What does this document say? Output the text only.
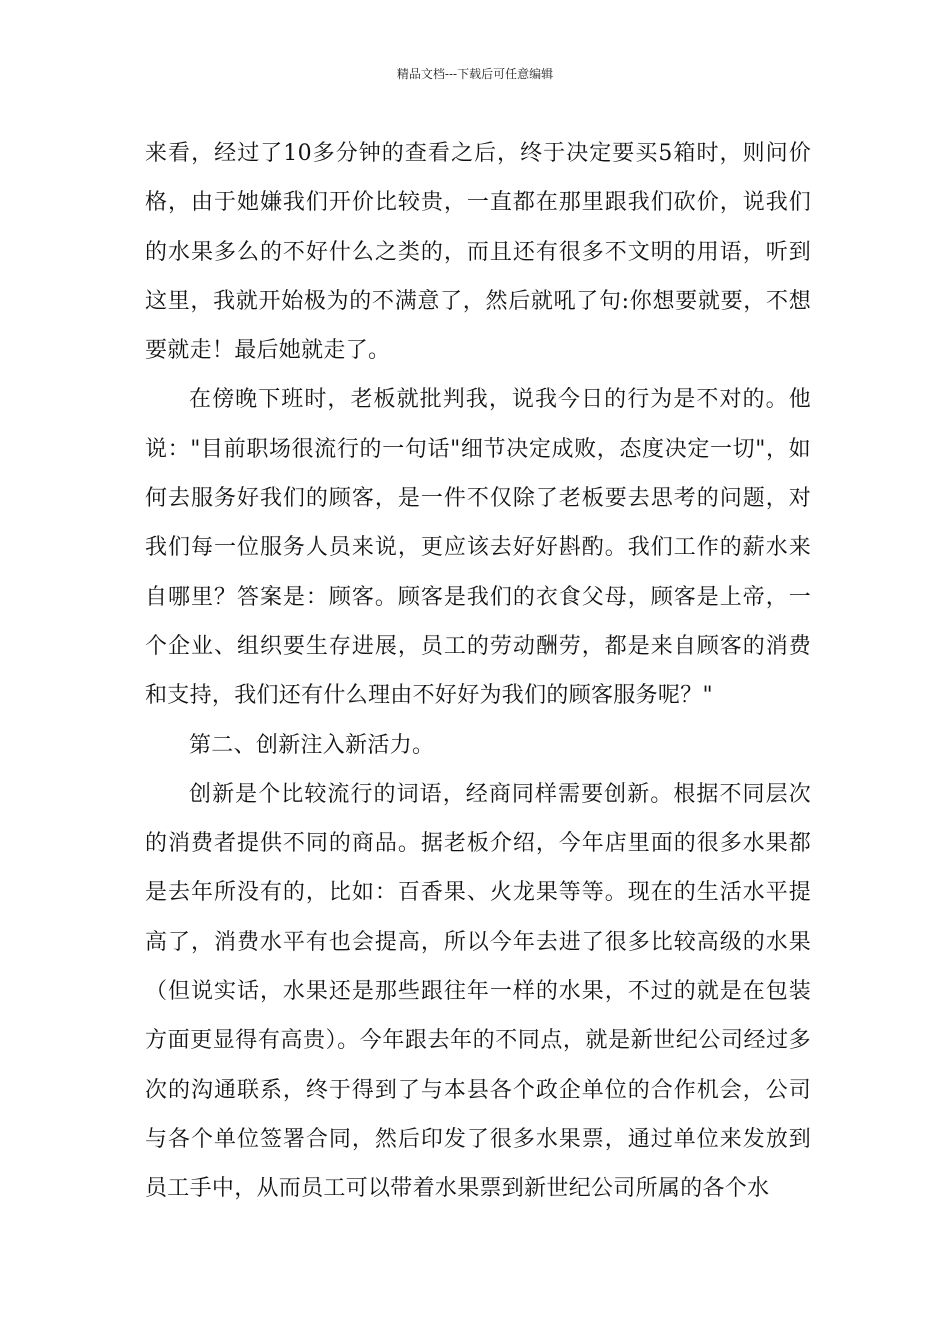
精品文档---下载后可任意编辑

来看，经过了10多分钟的查看之后，终于决定要买5箱时，则问价格，由于她嫌我们开价比较贵，一直都在那里跟我们砍价，说我们的水果多么的不好什么之类的，而且还有很多不文明的用语，听到这里，我就开始极为的不满意了，然后就吼了句:你想要就要，不想要就走！最后她就走了。

在傍晚下班时，老板就批判我，说我今日的行为是不对的。他说："目前职场很流行的一句话"细节决定成败，态度决定一切"，如何去服务好我们的顾客，是一件不仅除了老板要去思考的问题，对我们每一位服务人员来说，更应该去好好斟酌。我们工作的薪水来自哪里？答案是：顾客。顾客是我们的衣食父母，顾客是上帝，一个企业、组织要生存进展，员工的劳动酬劳，都是来自顾客的消费和支持，我们还有什么理由不好好为我们的顾客服务呢？"

第二、创新注入新活力。

创新是个比较流行的词语，经商同样需要创新。根据不同层次的消费者提供不同的商品。据老板介绍，今年店里面的很多水果都是去年所没有的，比如：百香果、火龙果等等。现在的生活水平提高了，消费水平有也会提高，所以今年去进了很多比较高级的水果（但说实话，水果还是那些跟往年一样的水果，不过的就是在包装方面更显得有高贵）。今年跟去年的不同点，就是新世纪公司经过多次的沟通联系，终于得到了与本县各个政企单位的合作机会，公司与各个单位签署合同，然后印发了很多水果票，通过单位来发放到员工手中，从而员工可以带着水果票到新世纪公司所属的各个水
